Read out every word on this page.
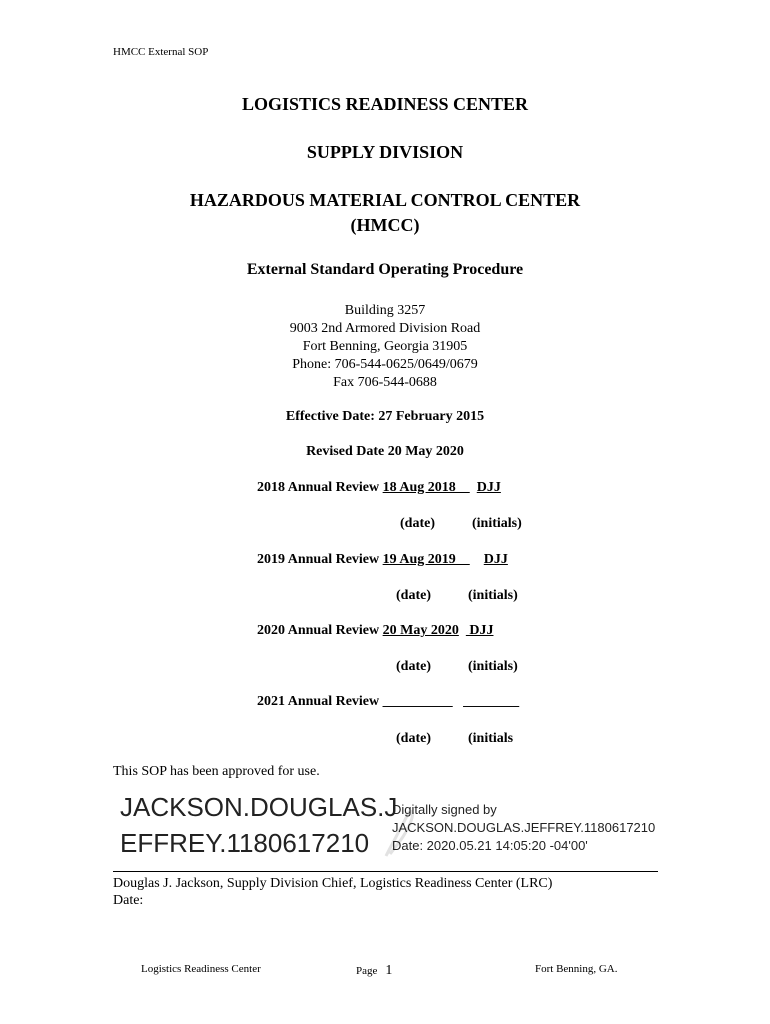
HMCC External SOP
LOGISTICS READINESS CENTER
SUPPLY DIVISION
HAZARDOUS MATERIAL CONTROL CENTER
(HMCC)
External Standard Operating Procedure
Building 3257
9003 2nd Armored Division Road
Fort Benning, Georgia 31905
Phone: 706-544-0625/0649/0679
Fax 706-544-0688
Effective Date: 27 February 2015
Revised Date 20 May 2020
2018 Annual Review 18 Aug 2018      DJJ
(date)	(initials)
2019 Annual Review 19 Aug 2019        DJJ
(date)	(initials)
2020 Annual Review 20 May 2020   DJJ
(date)	(initials)
2021 Annual Review __________ ________
(date)	(initials
This SOP has been approved for use.
JACKSON.DOUGLAS.J
EFFREY.1180617210
Digitally signed by
JACKSON.DOUGLAS.JEFFREY.1180617210
Date: 2020.05.21 14:05:20 -04'00'
Douglas J. Jackson, Supply Division Chief, Logistics Readiness Center (LRC)
Date:
Logistics Readiness Center	Page 1	Fort Benning, GA.
